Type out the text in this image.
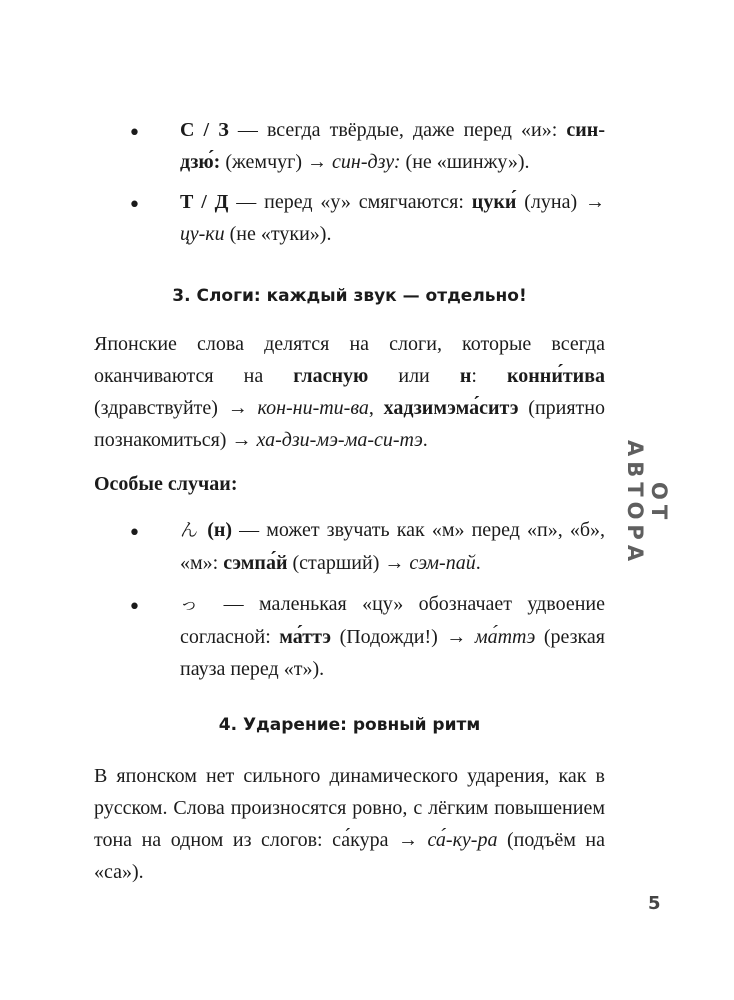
• С / З — всегда твёрдые, даже перед «и»: син-дзю́: (жемчуг) → син-дзу: (не «шинжу»).

• Т / Д — перед «у» смягчаются: цуки́ (луна) → цу-ки (не «туки»).

3. Слоги: каждый звук — отдельно!

Японские слова делятся на слоги, которые всегда оканчиваются на гласную или н: конни́тива (здравствуйте) → кон-ни-ти-ва, хадзимэма́ситэ (приятно познакомиться) → ха-дзи-мэ-ма-си-тэ.

Особые случаи:

• ん (н) — может звучать как «м» перед «п», «б», «м»: сэмпа́й (старший) → сэм-пай.

• っ — маленькая «цу» обозначает удвоение согласной: ма́ттэ (Подожди!) → ма́ттэ (резкая пауза перед «т»).

4. Ударение: ровный ритм

В японском нет сильного динамического ударения, как в русском. Слова произносятся ровно, с лёгким повышением тона на одном из слогов: са́кура → са́-ку-ра (подъём на «са»).

ОТ АВТОРА
5
